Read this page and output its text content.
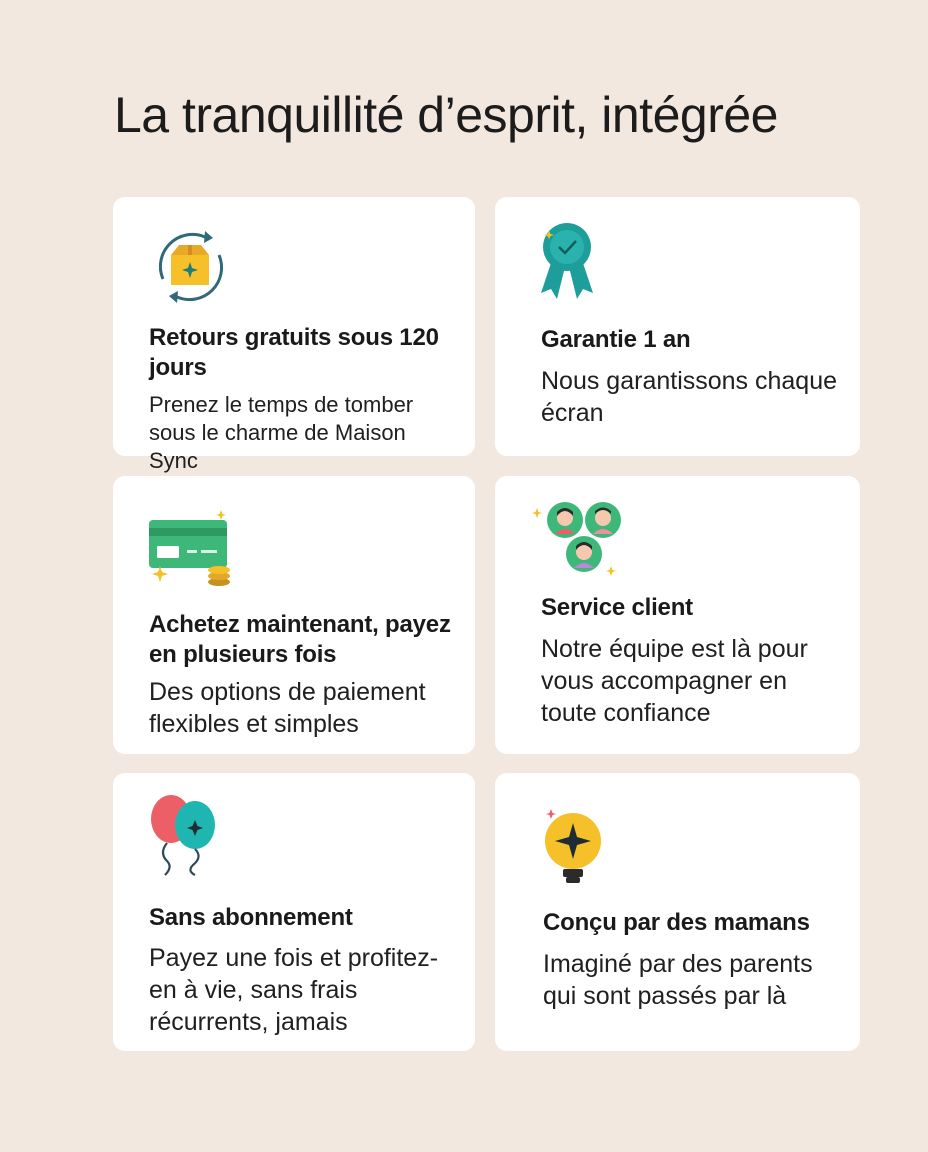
La tranquillité d’esprit, intégrée
Retours gratuits sous 120 jours

Prenez le temps de tomber sous le charme de Maison Sync

Garantie 1 an

Nous garantissons chaque écran

Achetez maintenant, payez en plusieurs fois

Des options de paiement flexibles et simples

Service client

Notre équipe est là pour vous accompagner en toute confiance

Sans abonnement

Payez une fois et profitez-en à vie, sans frais récurrents, jamais

Conçu par des mamans

Imaginé par des parents qui sont passés par là
